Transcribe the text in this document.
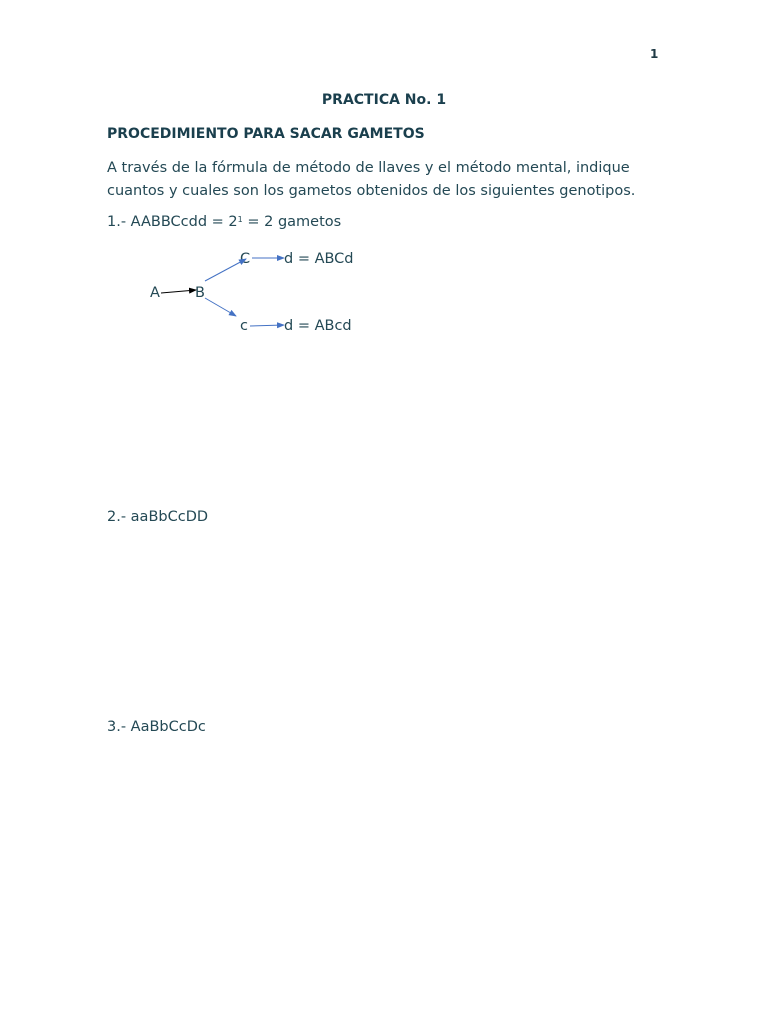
1
PRACTICA No. 1
PROCEDIMIENTO PARA SACAR GAMETOS
A través de la fórmula de método de llaves y el método mental, indique
cuantos y cuales son los gametos obtenidos de los siguientes genotipos.
1.- AABBCcdd = $2^1 = 2$ gametos
A B
C
c
d = ABCd
d = ABcd
2.- aaBbCcDD
3.- AaBbCcDc
